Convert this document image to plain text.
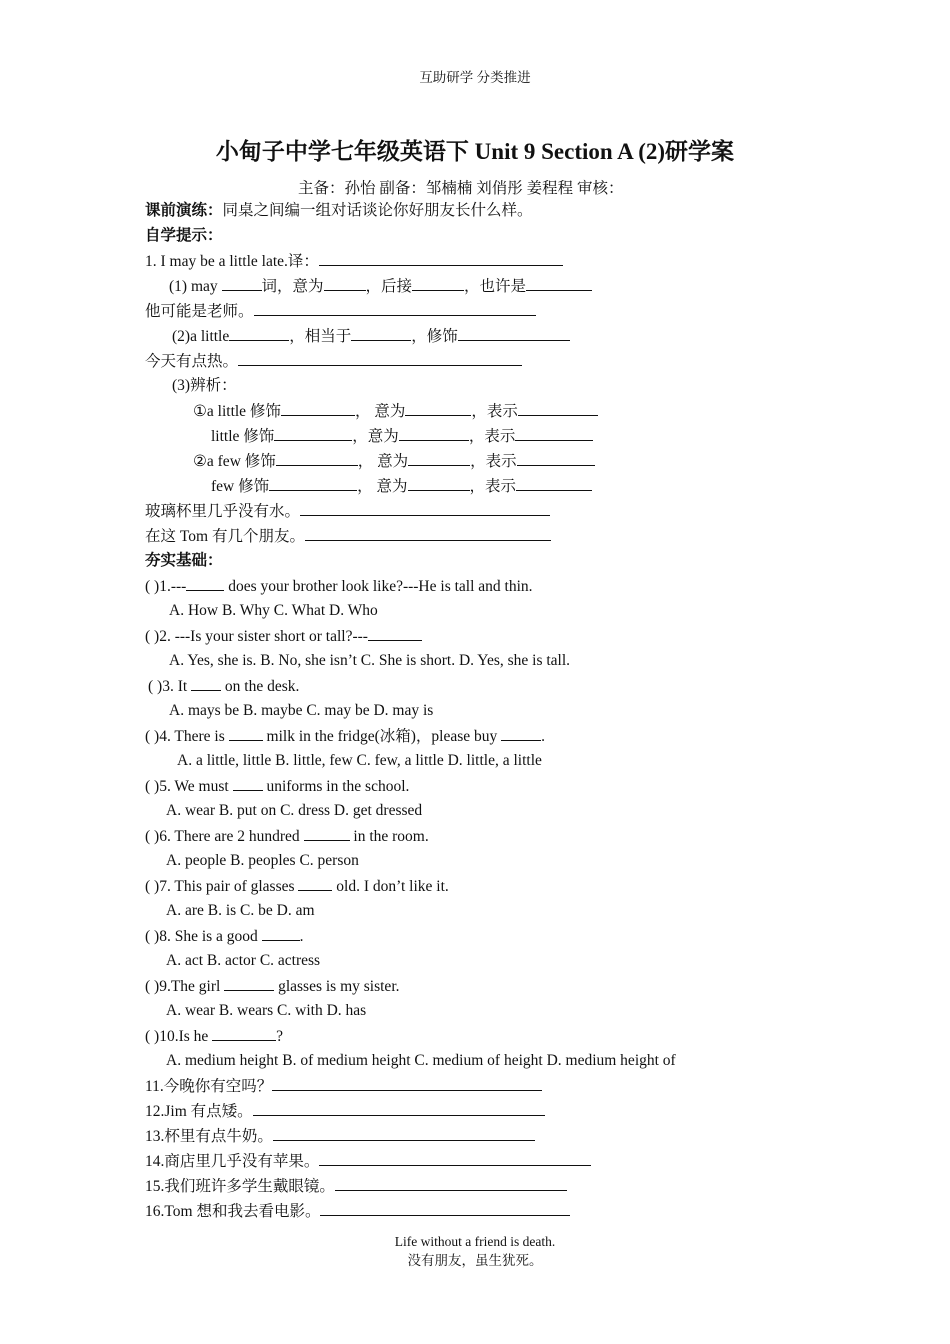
互助研学 分类推进
小甸子中学七年级英语下 Unit 9 Section A (2)研学案
主备：孙怡 副备：邹楠楠 刘俏彤 姜程程 审核：
课前演练：同桌之间编一组对话谈论你好朋友长什么样。
自学提示：
1. I may be a little late.译：
(1) may	词，意为	，后接	，也许是
他可能是老师。
(2)a little	，相当于	，修饰
今天有点热。
(3)辨析：
①a little 修饰	， 意为	，表示
little 修饰	，意为	，表示
②a few 修饰	， 意为	，表示
few 修饰	， 意为	，表示
玻璃杯里几乎没有水。
在这 Tom 有几个朋友。
夯实基础：
( )1.--- does your brother look like?---He is tall and thin.
A. How B. Why C. What D. Who
( )2. ---Is your sister short or tall?---
A. Yes, she is. B. No, she isn’t C. She is short. D. Yes, she is tall.
( )3. It  on the desk.
A. mays be B. maybe C. may be D. may is
( )4. There is  milk in the fridge(冰箱)，please buy	.
A. a little, little B. little, few C. few, a little D. little, a little
( )5. We must  uniforms in the school.
A. wear B. put on C. dress D. get dressed
( )6. There are 2 hundred	in the room.
A. people B. peoples C. person
( )7. This pair of glasses  old. I don’t like it.
A. are B. is C. be D. am
( )8. She is a good .
A. act B. actor C. actress
( )9.The girl	glasses is my sister.
A. wear B. wears C. with D. has
( )10.Is he	?
A. medium height B. of medium height C. medium of height D. medium height of
11.今晚你有空吗？
12.Jim 有点矮。
13.杯里有点牛奶。
14.商店里几乎没有苹果。
15.我们班许多学生戴眼镜。
16.Tom 想和我去看电影。
Life without a friend is death.
没有朋友，虽生犹死。
